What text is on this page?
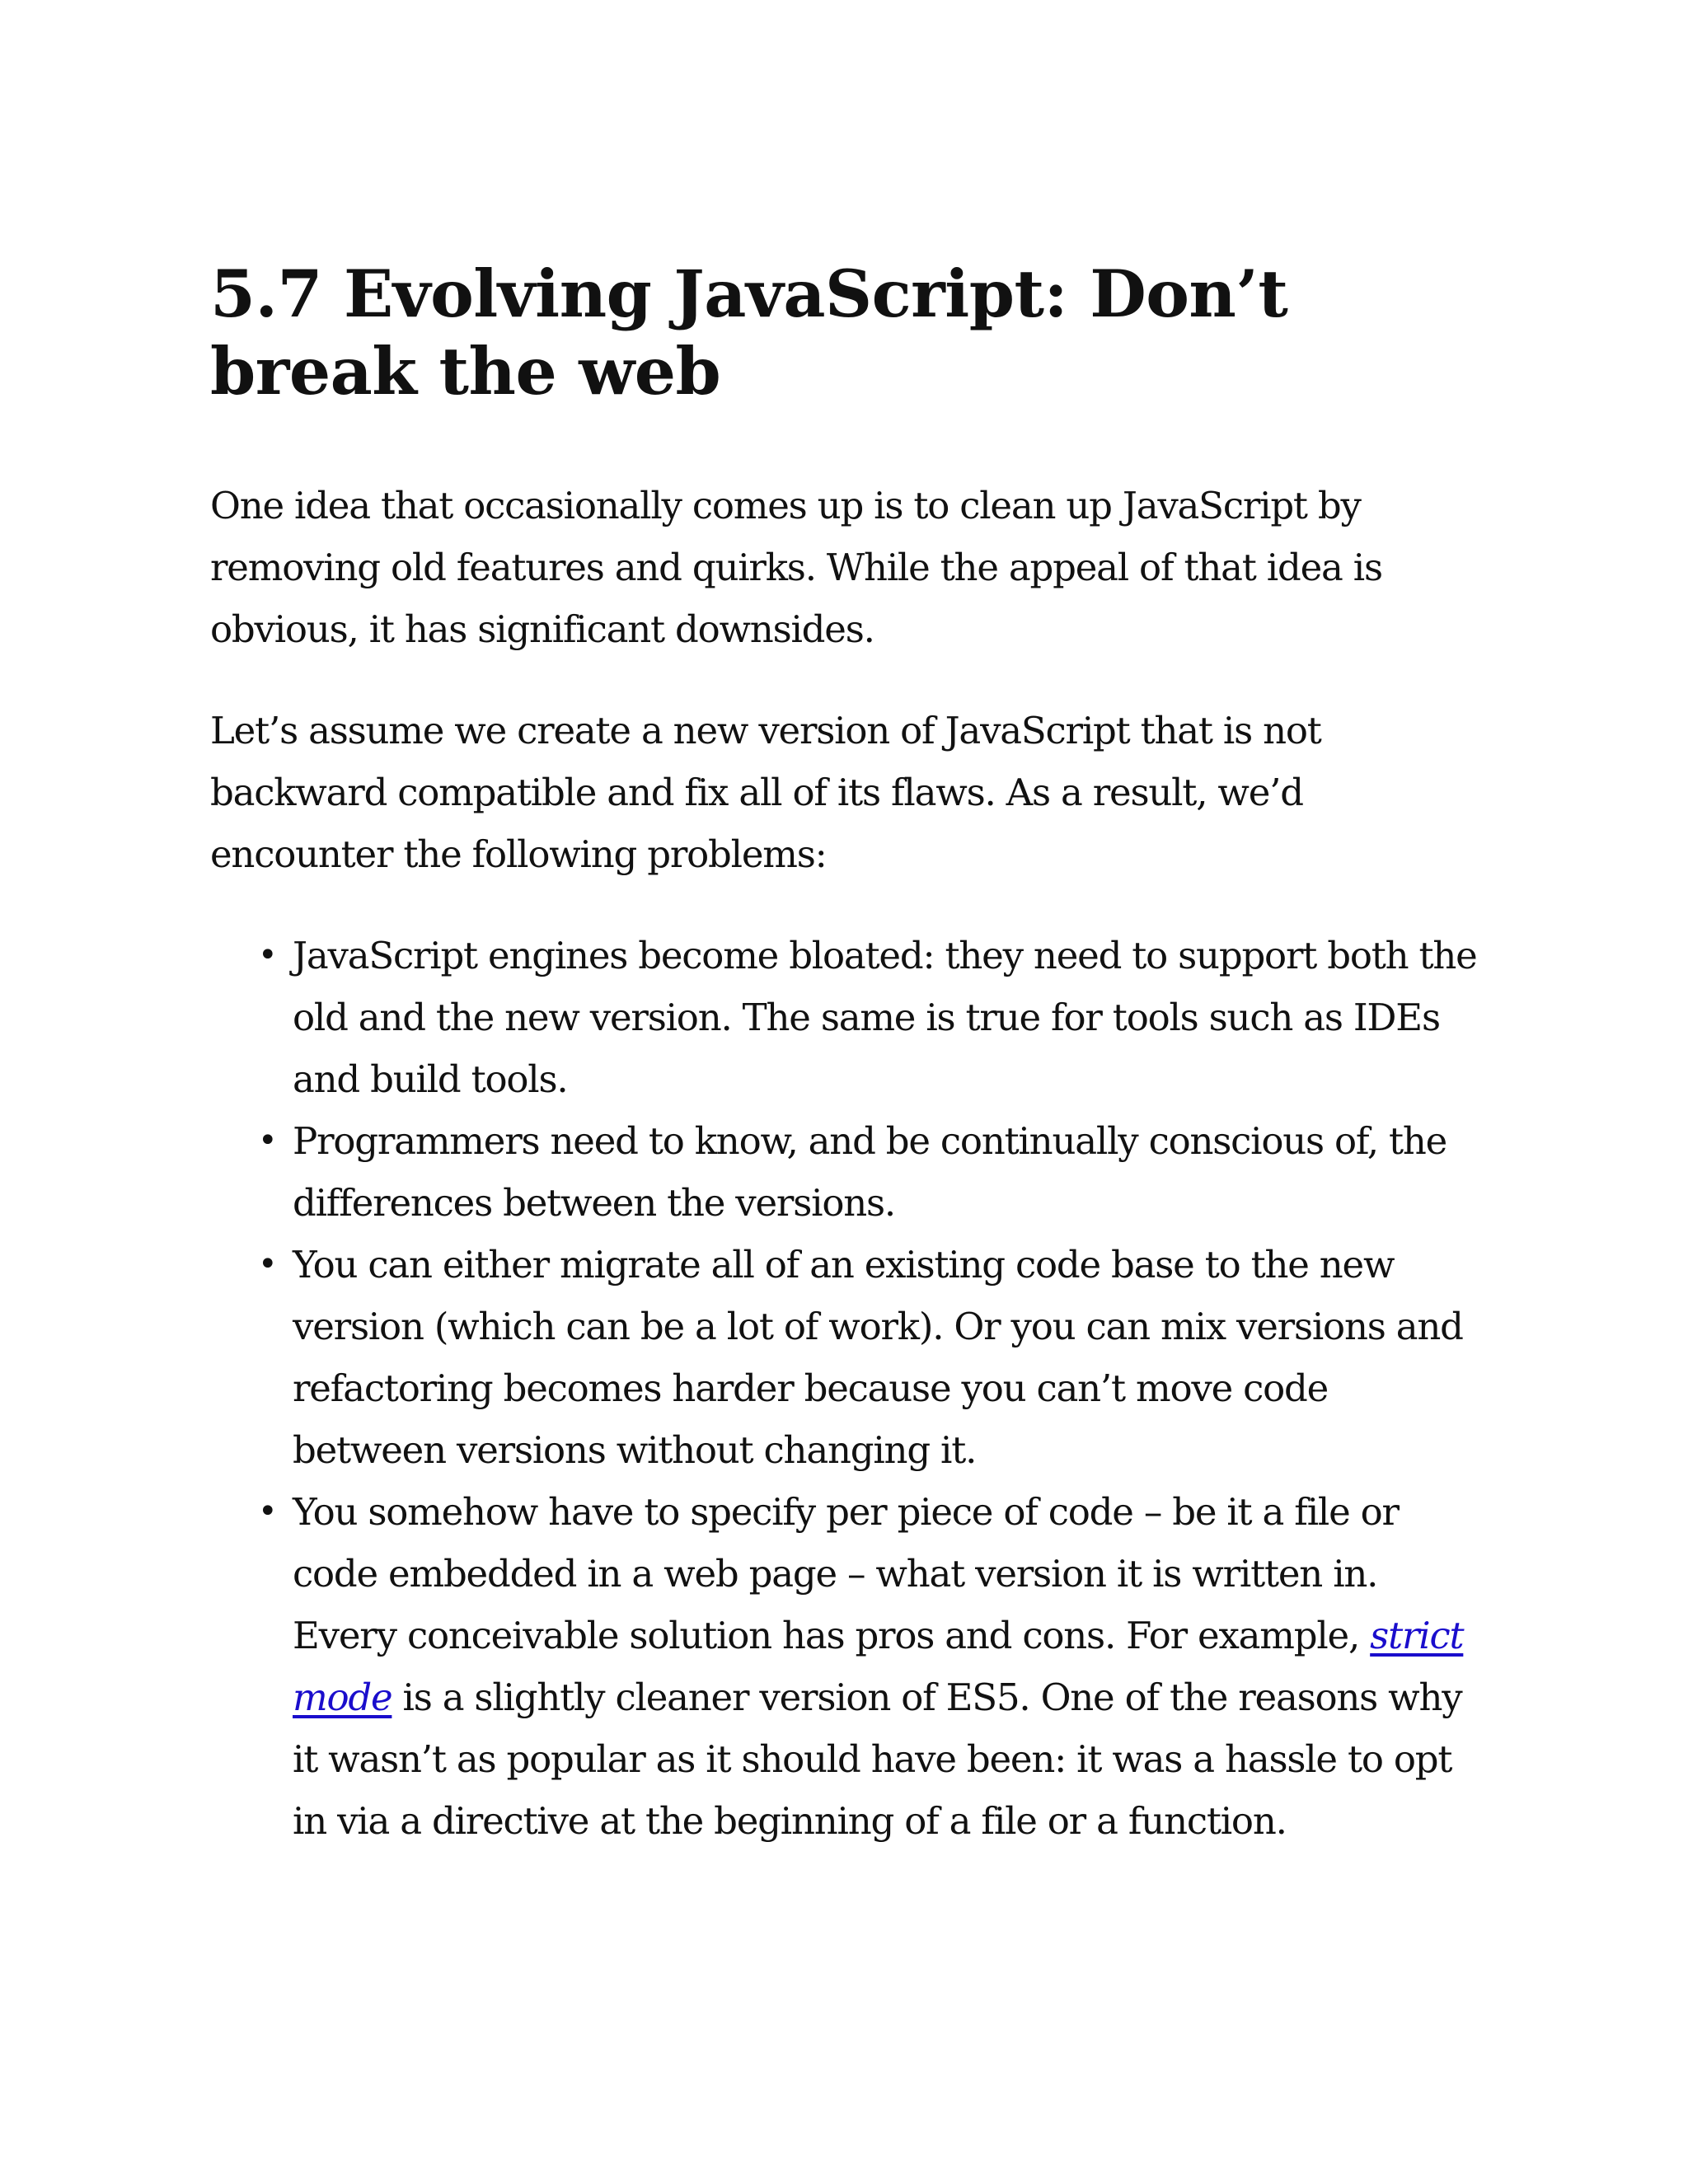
5.7 Evolving JavaScript: Don’t break the web

One idea that occasionally comes up is to clean up JavaScript by removing old features and quirks. While the appeal of that idea is obvious, it has significant downsides.

Let’s assume we create a new version of JavaScript that is not backward compatible and fix all of its flaws. As a result, we’d encounter the following problems:

• JavaScript engines become bloated: they need to support both the old and the new version. The same is true for tools such as IDEs and build tools.
• Programmers need to know, and be continually conscious of, the differences between the versions.
• You can either migrate all of an existing code base to the new version (which can be a lot of work). Or you can mix versions and refactoring becomes harder because you can’t move code between versions without changing it.
• You somehow have to specify per piece of code – be it a file or code embedded in a web page – what version it is written in. Every conceivable solution has pros and cons. For example, strict mode is a slightly cleaner version of ES5. One of the reasons why it wasn’t as popular as it should have been: it was a hassle to opt in via a directive at the beginning of a file or a function.
